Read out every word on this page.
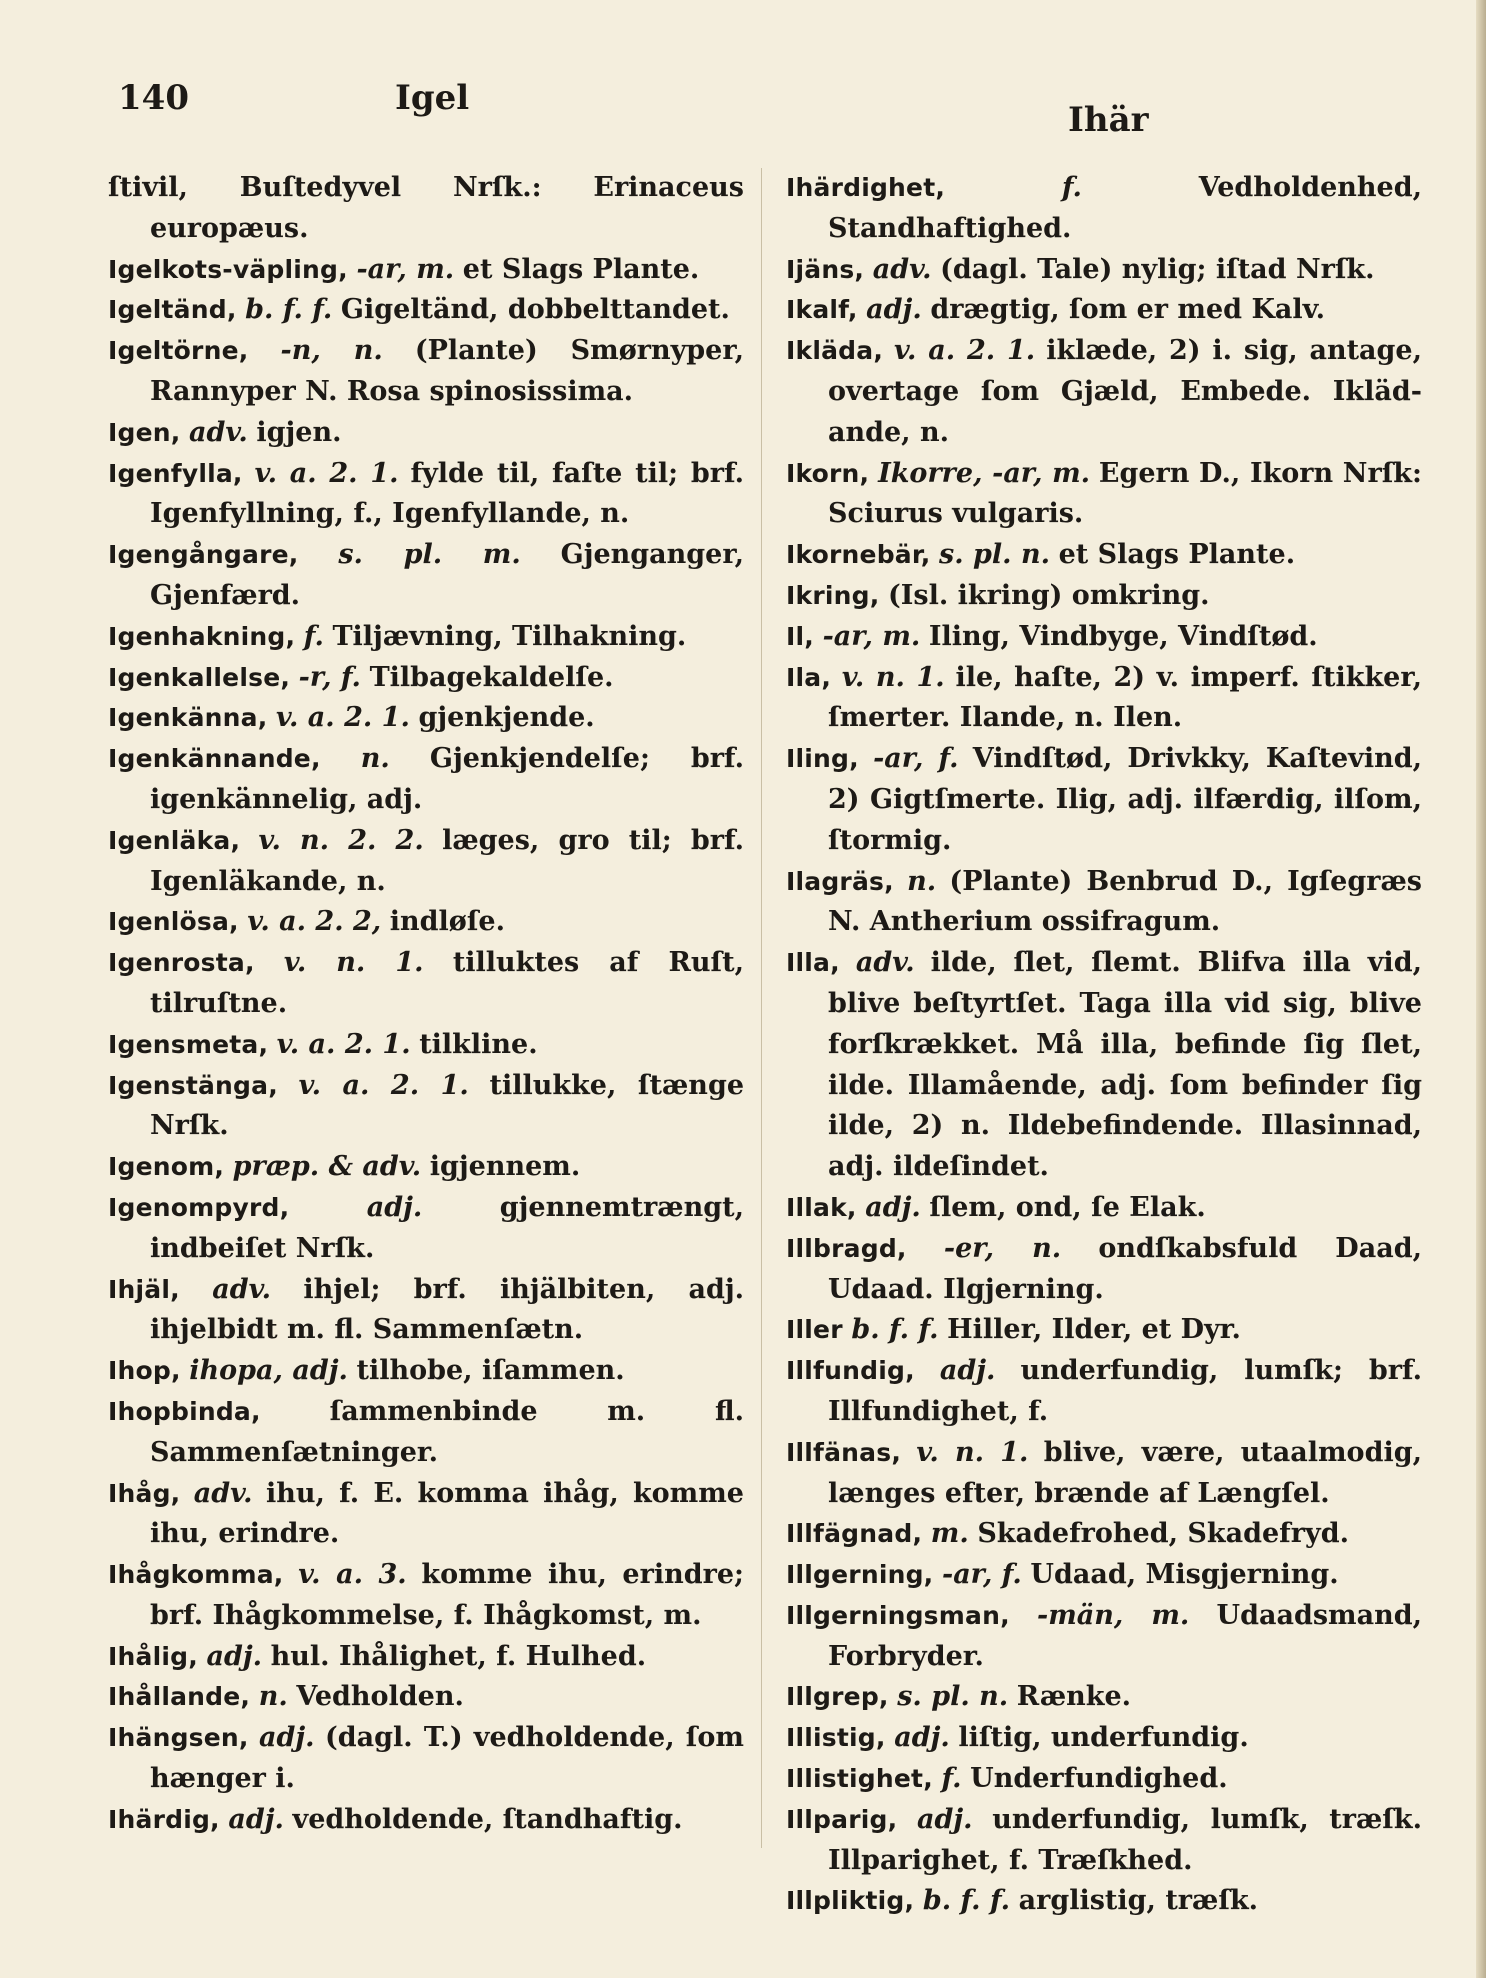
140	Igel
Ihär

ſtivil, Buſtedyvel Nrſk.: Erinaceus europæus.

Igelkots-väpling, -ar, m. et Slags Plante.

Igeltänd, b. f. f. Gigeltänd, dobbelttandet.

Igeltörne, -n, n. (Plante) Smørnyper, Rannyper N. Rosa spinosissima.

Igen, adv. igjen.

Igenfylla, v. a. 2. 1. fylde til, faſte til; brf. Igenfyllning, f., Igenfyllande, n.

Igengångare, s. pl. m. Gjenganger, Gjenfærd.

Igenhakning, f. Tiljævning, Tilhakning.

Igenkallelse, -r, f. Tilbagekaldelſe.

Igenkänna, v. a. 2. 1. gjenkjende.

Igenkännande, n. Gjenkjendelſe; brf. igenkännelig, adj.

Igenläka, v. n. 2. 2. læges, gro til; brf. Igenläkande, n.

Igenlösa, v. a. 2. 2, indløſe.

Igenrosta, v. n. 1. tilluktes af Ruſt, tilruſtne.

Igensmeta, v. a. 2. 1. tilkline.

Igenstänga, v. a. 2. 1. tillukke, ſtænge Nrſk.

Igenom, præp. & adv. igjennem.

Igenompyrd,	adj.	gjennemtrængt, indbeiſet Nrſk.

Ihjäl, adv. ihjel; brf. ihjälbiten, adj. ihjelbidt m. fl. Sammenſætn.

Ihop, ihopa, adj. tilhobe, iſammen.

Ihopbinda,	ſammenbinde m. fl. Sammenſætninger.

Ihåg, adv. ihu, f. E. komma ihåg, komme ihu, erindre.

Ihågkomma, v. a. 3. komme ihu, erindre; brf. Ihågkommelse, f. Ihågkomst, m.

Ihålig, adj. hul. Ihålighet, f. Hulhed.

Ihållande, n. Vedholden.

Ihängsen, adj. (dagl. T.) vedholdende, ſom hænger i.

Ihärdig, adj. vedholdende, ſtandhaftig.

Ihärdighet,	f.	Vedholdenhed, Standhaftighed.

Ijäns, adv. (dagl. Tale) nylig; iſtad Nrſk.

Ikalf, adj. drægtig, ſom er med Kalv.

Ikläda, v. a. 2. 1. iklæde, 2) i. sig, antage, overtage ſom Gjæld, Embede. Iklädande, n.

Ikorn, Ikorre, -ar, m. Egern D., Ikorn Nrſk: Sciurus vulgaris.

Ikornebär, s. pl. n. et Slags Plante.

Ikring, (Isl. ikring) omkring.

Il, -ar, m. Iling, Vindbyge, Vindſtød.

Ila, v. n. 1. ile, haſte, 2) v. imperf. ſtikker, ſmerter. Ilande, n. Ilen.

Iling, -ar, f. Vindſtød, Drivkky, Kaſtevind, 2) Gigtſmerte. Ilig, adj. ilfærdig, ilſom, ſtormig.

Ilagräs, n. (Plante) Benbrud D., Igſegræs N. Antherium ossifragum.

Illa, adv. ilde, ſlet, ſlemt. Blifva illa vid, blive beſtyrtſet. Taga illa vid sig, blive forſkrækket. Må illa, befinde ſig ſlet, ilde. Illamående, adj. ſom befinder ſig ilde, 2) n. Ildebefindende. Illasinnad, adj. ildeſindet.

Illak, adj. ſlem, ond, ſe Elak.

Illbragd, -er, n. ondſkabsfuld Daad, Udaad. Ilgjerning.

Iller b. f. f. Hiller, Ilder, et Dyr.

Illfundig, adj. underfundig, lumſk; brf. Illfundighet, f.

Illfänas, v. n. 1. blive, være, utaalmodig, længes efter, brænde af Længſel.

Illfägnad, m. Skadefrohed, Skadefryd.

Illgerning, -ar, f. Udaad, Misgjerning.

Illgerningsman, -män, m. Udaadsmand, Forbryder.

Illgrep, s. pl. n. Rænke.

Illistig, adj. liſtig, underfundig.

Illistighet, f. Underfundighed.

Illparig, adj. underfundig, lumſk, træſk. Illparighet, f. Træſkhed.

Illpliktig, b. f. f. arglistig, træſk.
